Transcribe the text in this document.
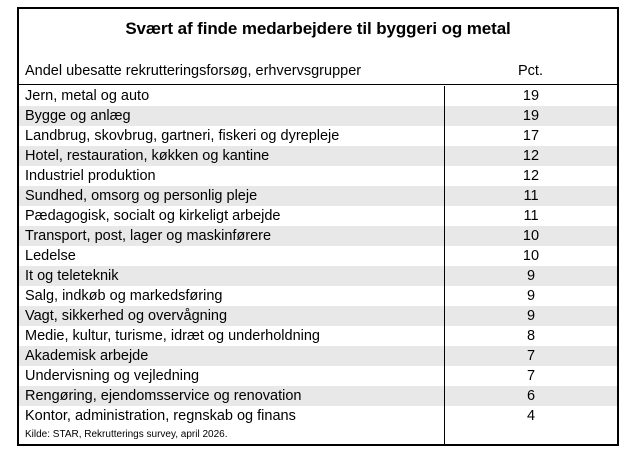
Svært af finde medarbejdere til byggeri og metal
Andel ubesatte rekrutteringsforsøg, erhvervsgrupper	Pct.
Jern, metal og auto	19
Bygge og anlæg	19
Landbrug, skovbrug, gartneri, fiskeri og dyrepleje	17
Hotel, restauration, køkken og kantine	12
Industriel produktion	12
Sundhed, omsorg og personlig pleje	11
Pædagogisk, socialt og kirkeligt arbejde	11
Transport, post, lager og maskinførere	10
Ledelse	10
It og teleteknik	9
Salg, indkøb og markedsføring	9
Vagt, sikkerhed og overvågning	9
Medie, kultur, turisme, idræt og underholdning	8
Akademisk arbejde	7
Undervisning og vejledning	7
Rengøring, ejendomsservice og renovation	6
Kontor, administration, regnskab og finans	4
Kilde: STAR, Rekrutterings survey, april 2026.
